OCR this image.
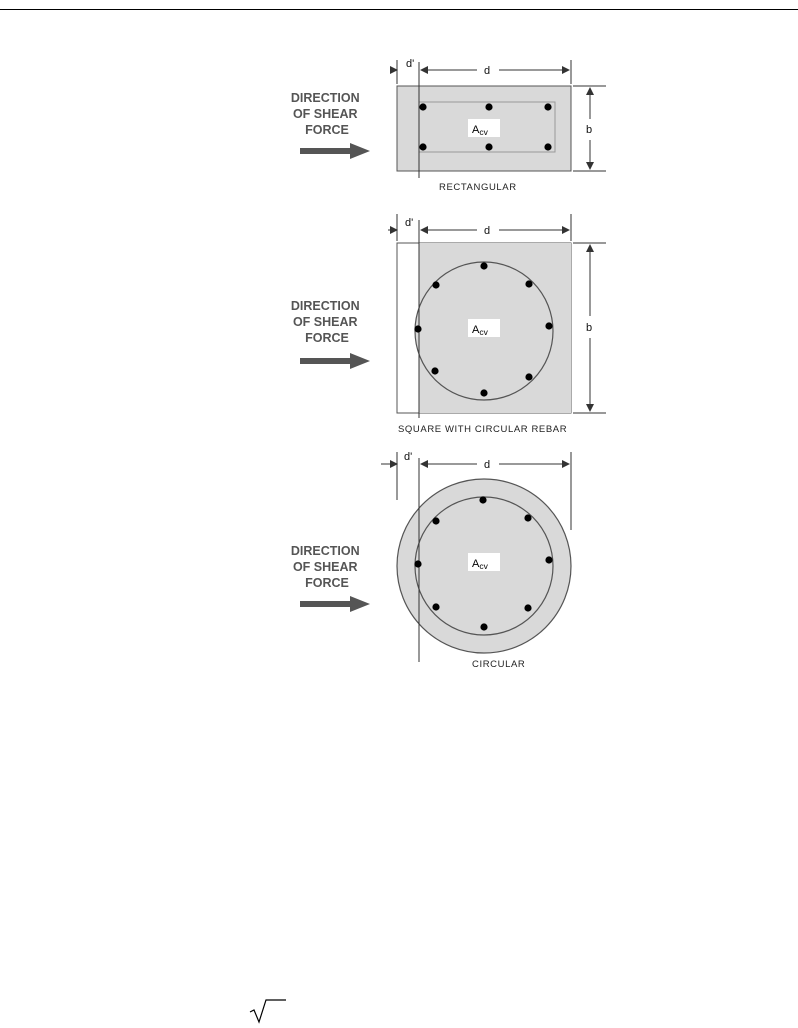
DIRECTION OF SHEAR FORCE	Acv
d'
d
b
RECTANGULAR
DIRECTION OF SHEAR FORCE
Acv
d'
d
b
SQUARE WITH CIRCULAR REBAR
DIRECTION OF SHEAR FORCE
Acv
d'
d
CIRCULAR
